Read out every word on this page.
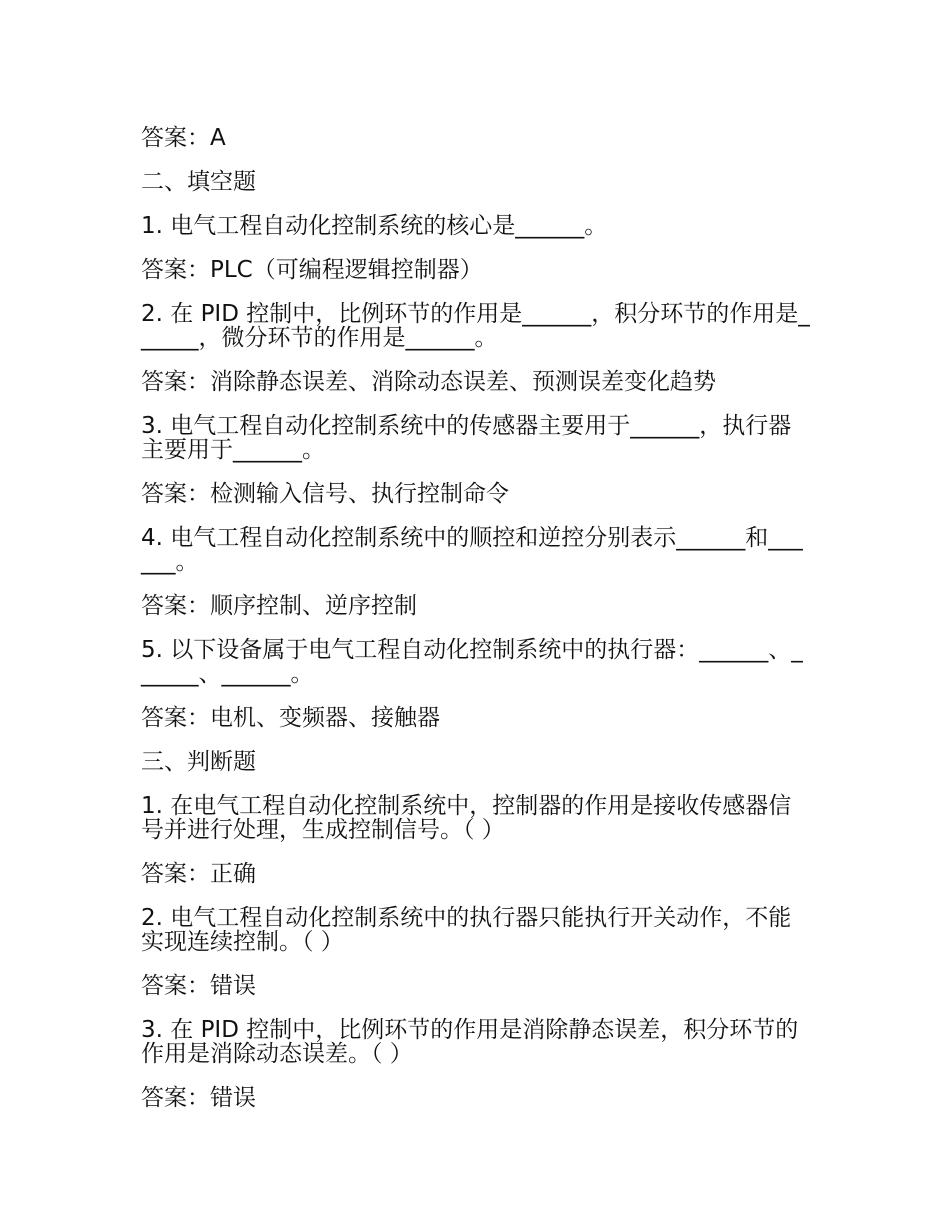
答案：A
二、填空题
1. 电气工程自动化控制系统的核心是______。
答案：PLC（可编程逻辑控制器）
2. 在 PID 控制中，比例环节的作用是______，积分环节的作用是______，微分环节的作用是______。
答案：消除静态误差、消除动态误差、预测误差变化趋势
3. 电气工程自动化控制系统中的传感器主要用于______，执行器主要用于______。
答案：检测输入信号、执行控制命令
4. 电气工程自动化控制系统中的顺控和逆控分别表示______和______。
答案：顺序控制、逆序控制
5. 以下设备属于电气工程自动化控制系统中的执行器：______、______、______。
答案：电机、变频器、接触器
三、判断题
1. 在电气工程自动化控制系统中，控制器的作用是接收传感器信号并进行处理，生成控制信号。（ ）
答案：正确
2. 电气工程自动化控制系统中的执行器只能执行开关动作，不能实现连续控制。（ ）
答案：错误
3. 在 PID 控制中，比例环节的作用是消除静态误差，积分环节的作用是消除动态误差。（ ）
答案：错误
